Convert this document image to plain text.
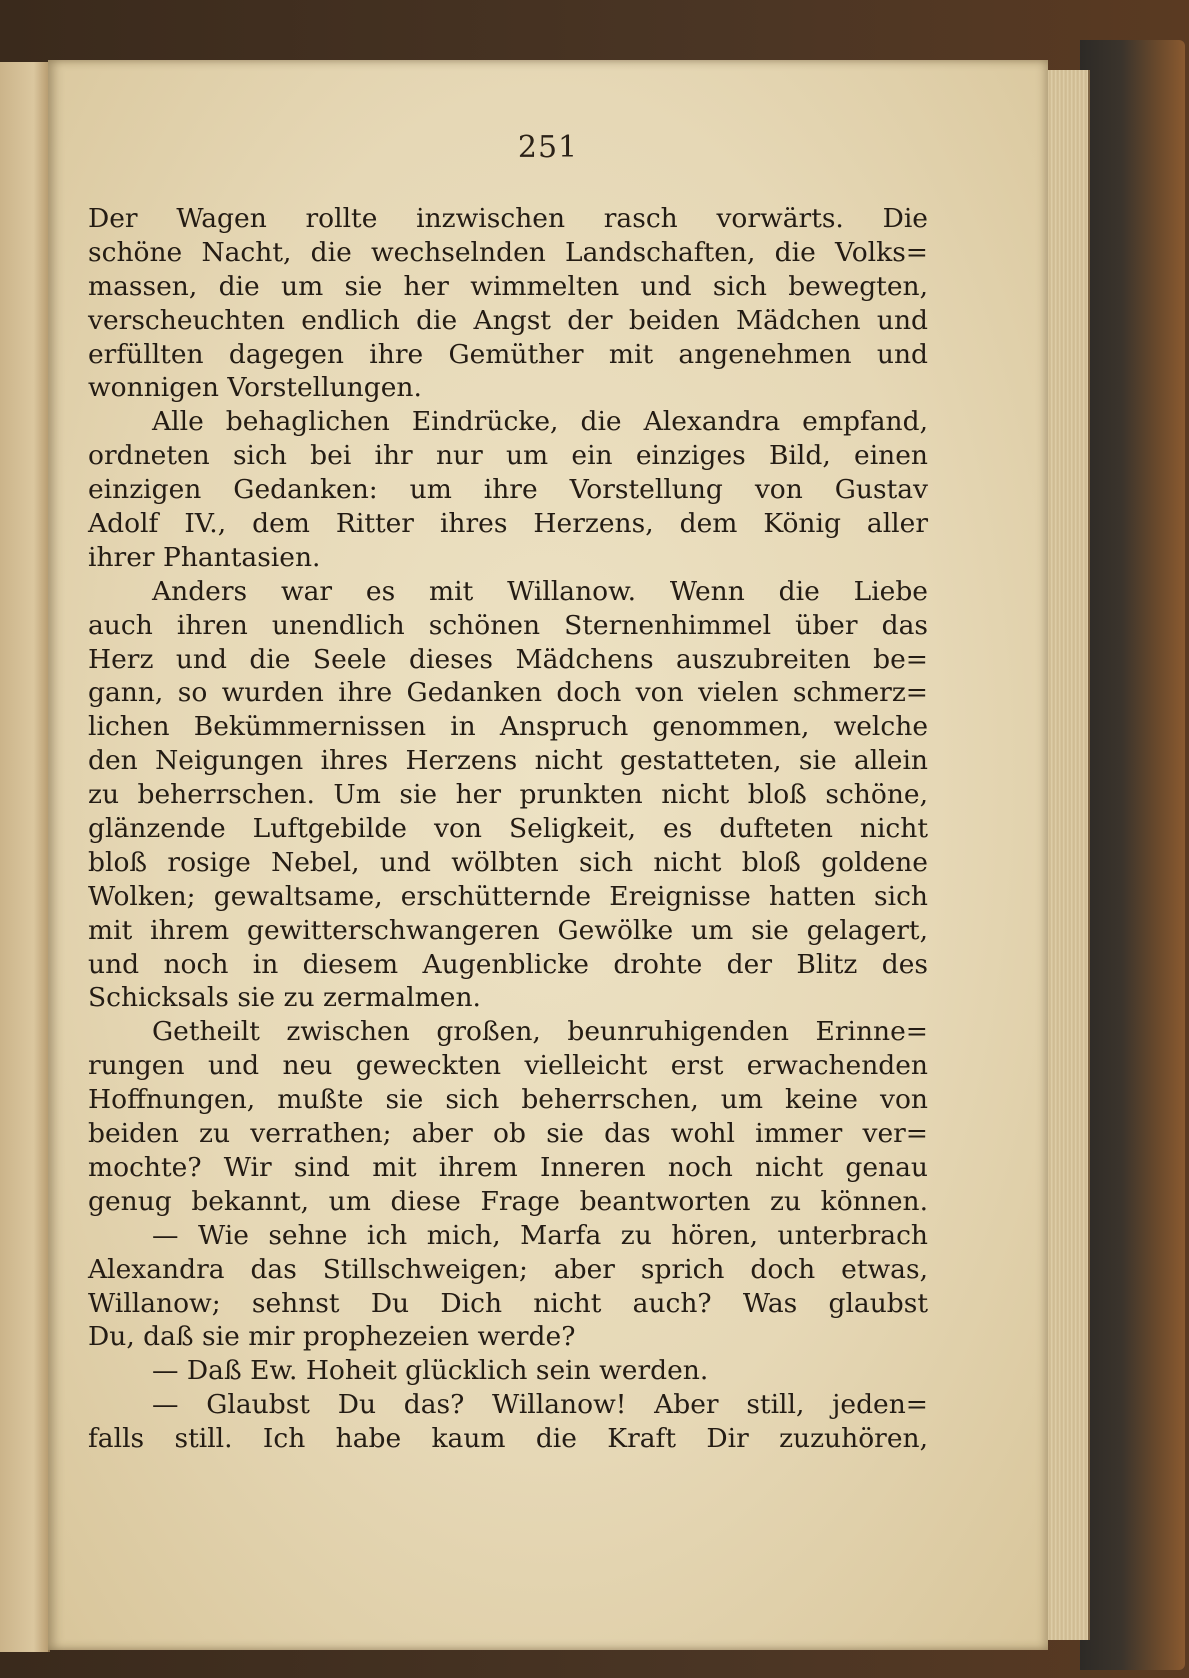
251
Der Wagen rollte inzwischen rasch vorwärts. Die
schöne Nacht, die wechselnden Landschaften, die Volks=
massen, die um sie her wimmelten und sich bewegten,
verscheuchten endlich die Angst der beiden Mädchen und
erfüllten dagegen ihre Gemüther mit angenehmen und
wonnigen Vorstellungen.
Alle behaglichen Eindrücke, die Alexandra empfand,
ordneten sich bei ihr nur um ein einziges Bild, einen
einzigen Gedanken: um ihre Vorstellung von Gustav
Adolf IV., dem Ritter ihres Herzens, dem König aller
ihrer Phantasien.
Anders war es mit Willanow. Wenn die Liebe
auch ihren unendlich schönen Sternenhimmel über das
Herz und die Seele dieses Mädchens auszubreiten be=
gann, so wurden ihre Gedanken doch von vielen schmerz=
lichen Bekümmernissen in Anspruch genommen, welche
den Neigungen ihres Herzens nicht gestatteten, sie allein
zu beherrschen. Um sie her prunkten nicht bloß schöne,
glänzende Luftgebilde von Seligkeit, es dufteten nicht
bloß rosige Nebel, und wölbten sich nicht bloß goldene
Wolken; gewaltsame, erschütternde Ereignisse hatten sich
mit ihrem gewitterschwangeren Gewölke um sie gelagert,
und noch in diesem Augenblicke drohte der Blitz des
Schicksals sie zu zermalmen.
Getheilt zwischen großen, beunruhigenden Erinne=
rungen und neu geweckten vielleicht erst erwachenden
Hoffnungen, mußte sie sich beherrschen, um keine von
beiden zu verrathen; aber ob sie das wohl immer ver=
mochte? Wir sind mit ihrem Inneren noch nicht genau
genug bekannt, um diese Frage beantworten zu können.
— Wie sehne ich mich, Marfa zu hören, unterbrach
Alexandra das Stillschweigen; aber sprich doch etwas,
Willanow; sehnst Du Dich nicht auch? Was glaubst
Du, daß sie mir prophezeien werde?
— Daß Ew. Hoheit glücklich sein werden.
— Glaubst Du das? Willanow! Aber still, jeden=
falls still. Ich habe kaum die Kraft Dir zuzuhören,
